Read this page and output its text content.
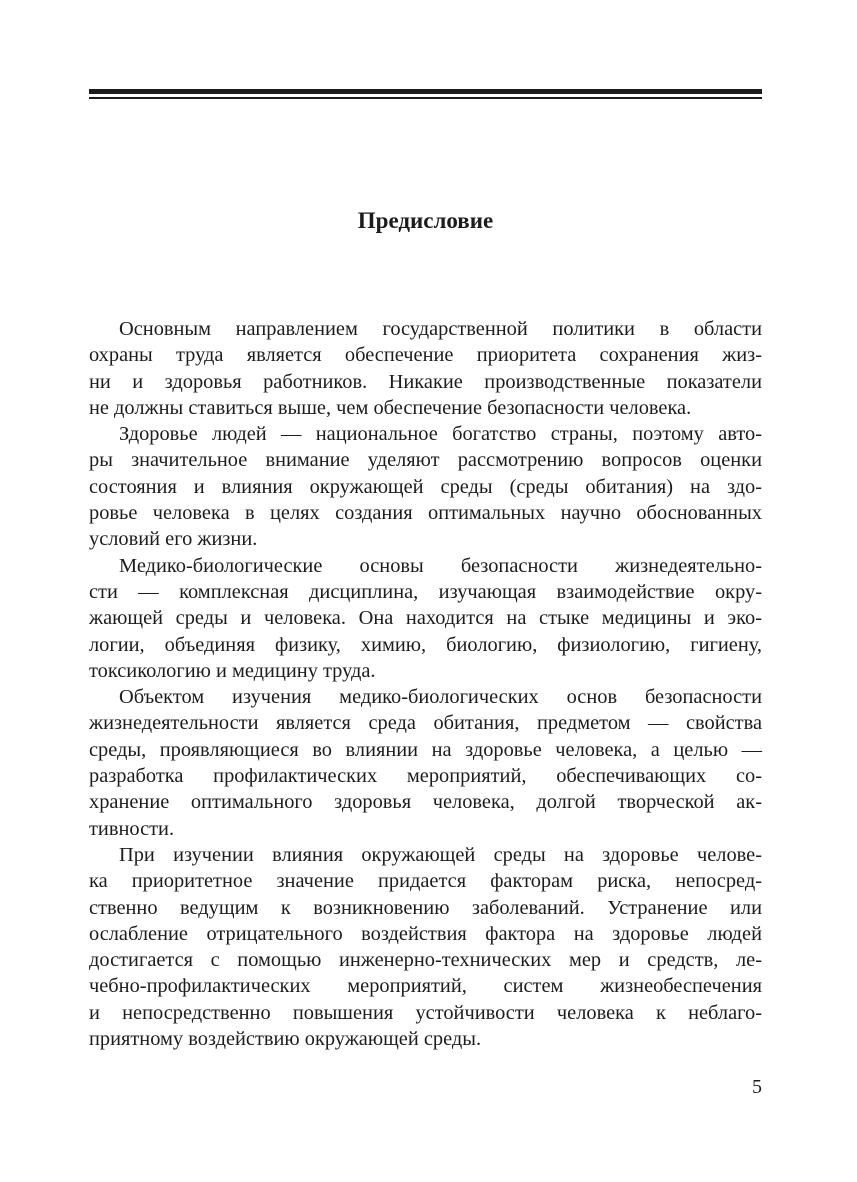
Предисловие

Основным направлением государственной политики в области
охраны труда является обеспечение приоритета сохранения жиз-
ни и здоровья работников. Никакие производственные показатели
не должны ставиться выше, чем обеспечение безопасности человека.

Здоровье людей — национальное богатство страны, поэтому авто-
ры значительное внимание уделяют рассмотрению вопросов оценки
состояния и влияния окружающей среды (среды обитания) на здо-
ровье человека в целях создания оптимальных научно обоснованных
условий его жизни.

Медико-биологические основы безопасности жизнедеятельно-
сти — комплексная дисциплина, изучающая взаимодействие окру-
жающей среды и человека. Она находится на стыке медицины и эко-
логии, объединяя физику, химию, биологию, физиологию, гигиену,
токсикологию и медицину труда.

Объектом изучения медико-биологических основ безопасности
жизнедеятельности является среда обитания, предметом — свойства
среды, проявляющиеся во влиянии на здоровье человека, а целью —
разработка профилактических мероприятий, обеспечивающих со-
хранение оптимального здоровья человека, долгой творческой ак-
тивности.

При изучении влияния окружающей среды на здоровье челове-
ка приоритетное значение придается факторам риска, непосред-
ственно ведущим к возникновению заболеваний. Устранение или
ослабление отрицательного воздействия фактора на здоровье людей
достигается с помощью инженерно-технических мер и средств, ле-
чебно-профилактических мероприятий, систем жизнеобеспечения
и непосредственно повышения устойчивости человека к неблаго-
приятному воздействию окружающей среды.

5
